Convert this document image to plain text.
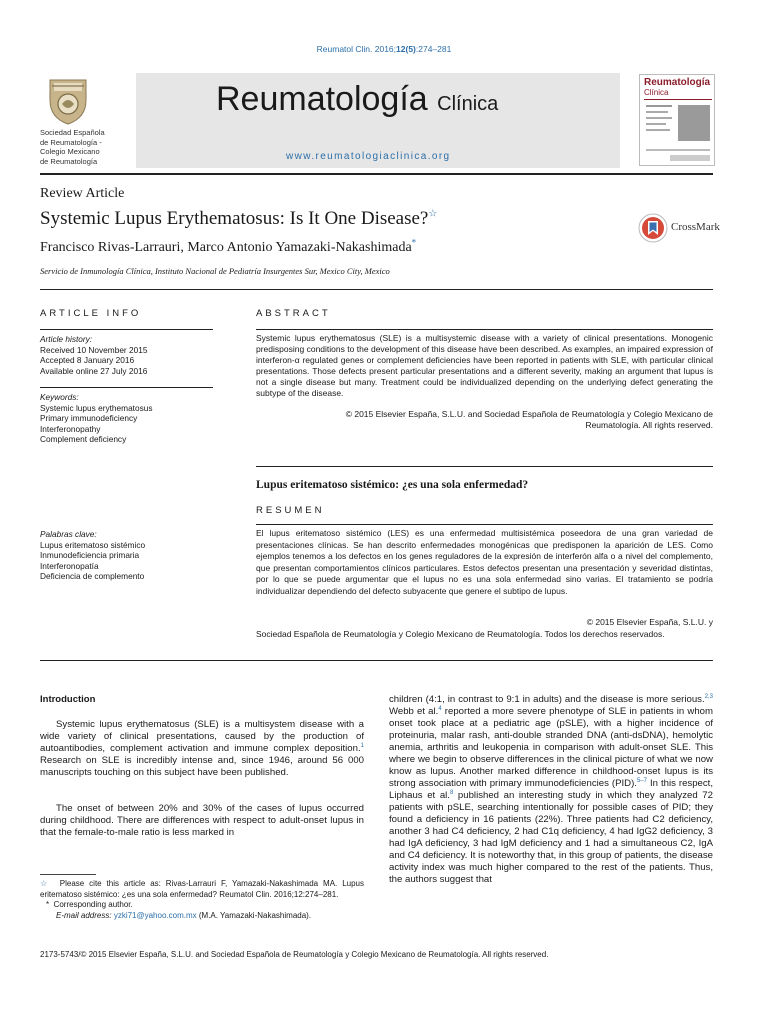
Reumatol Clin. 2016;12(5):274–281
Sociedad Española
de Reumatología -
Colegio Mexicano
de Reumatología
Reumatología Clínica
www.reumatologiaclinica.org
Reumatología
Clínica
Review Article
Systemic Lupus Erythematosus: Is It One Disease?☆
Francisco Rivas-Larrauri, Marco Antonio Yamazaki-Nakashimada*
Servicio de Inmunología Clínica, Instituto Nacional de Pediatría Insurgentes Sur, Mexico City, Mexico
CrossMark
ARTICLE INFO
Article history:
Received 10 November 2015
Accepted 8 January 2016
Available online 27 July 2016
Keywords:
Systemic lupus erythematosus
Primary immunodeficiency
Interferonopathy
Complement deficiency
Palabras clave:
Lupus eritematoso sistémico
Inmunodeficiencia primaria
Interferonopatía
Deficiencia de complemento
ABSTRACT
Systemic lupus erythematosus (SLE) is a multisystemic disease with a variety of clinical presentations. Monogenic predisposing conditions to the development of this disease have been described. As examples, an impaired expression of interferon-α regulated genes or complement deficiencies have been reported in patients with SLE, with particular clinical presentations. Those defects present particular presentations and a different severity, making an argument that lupus is not a single disease but many. Treatment could be individualized depending on the underlying defect generating the subtype of the disease.
© 2015 Elsevier España, S.L.U. and Sociedad Española de Reumatología y Colegio Mexicano de
Reumatología. All rights reserved.
Lupus eritematoso sistémico: ¿es una sola enfermedad?
RESUMEN
El lupus eritematoso sistémico (LES) es una enfermedad multisistémica poseedora de una gran variedad de presentaciones clínicas. Se han descrito enfermedades monogénicas que predisponen la aparición de LES. Como ejemplos tenemos a los defectos en los genes reguladores de la expresión de interferón alfa o a nivel del complemento, que presentan comportamientos clínicos particulares. Estos defectos presentan una presentación y severidad distintas, por lo que se puede argumentar que el lupus no es una sola enfermedad sino varias. El tratamiento se podría individualizar dependiendo del defecto subyacente que genere el subtipo de lupus.
© 2015 Elsevier España, S.L.U. y
Sociedad Española de Reumatología y Colegio Mexicano de Reumatología. Todos los derechos reservados.
Introduction
Systemic lupus erythematosus (SLE) is a multisystem disease with a wide variety of clinical presentations, caused by the production of autoantibodies, complement activation and immune complex deposition.$^1$ Research on SLE is incredibly intense and, since 1946, around 56 000 manuscripts touching on this subject have been published.
The onset of between 20% and 30% of the cases of lupus occurred during childhood. There are differences with respect to adult-onset lupus in that the female-to-male ratio is less marked in
☆ Please cite this article as: Rivas-Larrauri F, Yamazaki-Nakashimada MA. Lupus eritematoso sistémico: ¿es una sola enfermedad? Reumatol Clin. 2016;12:274–281.
* Corresponding author.
E-mail address: yzki71@yahoo.com.mx (M.A. Yamazaki-Nakashimada).
children (4:1, in contrast to 9:1 in adults) and the disease is more serious.$^{2,3}$ Webb et al.$^4$ reported a more severe phenotype of SLE in patients in whom onset took place at a pediatric age (pSLE), with a higher incidence of proteinuria, malar rash, anti-double stranded DNA (anti-dsDNA), hemolytic anemia, arthritis and leukopenia in comparison with adult-onset SLE. This where we begin to observe differences in the clinical picture of what we now know as lupus. Another marked difference in childhood-onset lupus is its strong association with primary immunodeficiencies (PID).$^{5-7}$ In this respect, Liphaus et al.$^8$ published an interesting study in which they analyzed 72 patients with pSLE, searching intentionally for possible cases of PID; they found a deficiency in 16 patients (22%). Three patients had C2 deficiency, another 3 had C4 deficiency, 2 had C1q deficiency, 4 had IgG2 deficiency, 3 had IgA deficiency, 3 had IgM deficiency and 1 had a simultaneous C2, IgA and C4 deficiency. It is noteworthy that, in this group of patients, the disease activity index was much higher compared to the rest of the patients. Thus, the authors suggest that
2173-5743/© 2015 Elsevier España, S.L.U. and Sociedad Española de Reumatología y Colegio Mexicano de Reumatología. All rights reserved.
